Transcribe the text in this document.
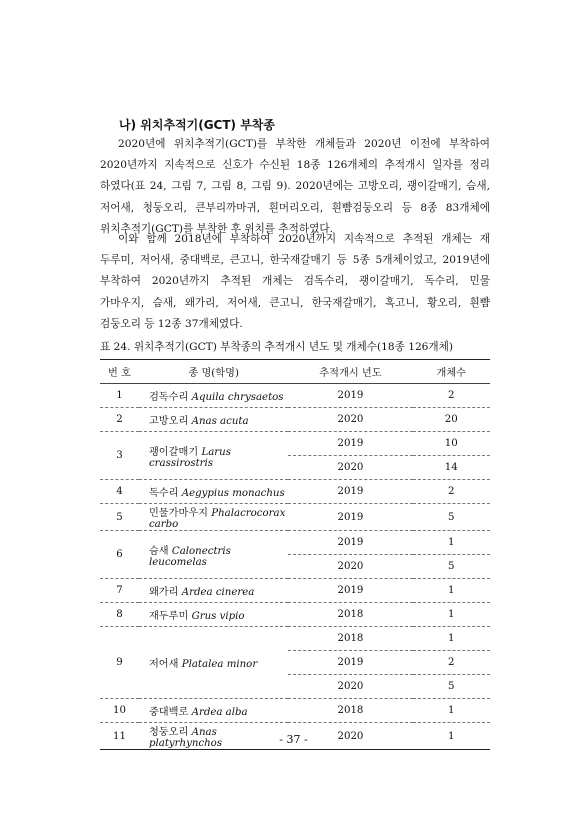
나) 위치추적기(GCT) 부착종

2020년에 위치추적기(GCT)를 부착한 개체들과 2020년 이전에 부착하여
2020년까지 지속적으로 신호가 수신된 18종 126개체의 추적개시 일자를 정리
하였다(표 24, 그림 7, 그림 8, 그림 9). 2020년에는 고방오리, 괭이갈매기, 슴새,
저어새, 청둥오리, 큰부리까마귀, 흰머리오리, 흰뺨검둥오리 등 8종 83개체에
위치추적기(GCT)를 부착한 후 위치를 추적하였다.

이와 함께 2018년에 부착하여 2020년까지 지속적으로 추적된 개체는 재
두루미, 저어새, 중대백로, 큰고니, 한국재갈매기 등 5종 5개체이었고, 2019년에
부착하여 2020년까지 추적된 개체는 검독수리, 괭이갈매기, 독수리, 민물
가마우지, 슴새, 왜가리, 저어새, 큰고니, 한국재갈매기, 혹고니, 황오리, 흰뺨
검둥오리 등 12종 37개체였다.

표 24. 위치추적기(GCT) 부착종의 추적개시 년도 및 개체수(18종 126개체)
번 호	종 명(학명)	추적개시 년도	개체수
1	검독수리 Aquila chrysaetos	2019	2
2	고방오리 Anas acuta	2020	20
3	괭이갈매기 Larus crassirostris	2019	10
		2020	14
4	독수리 Aegypius monachus	2019	2
5	민물가마우지 Phalacrocorax carbo	2019	5
6	슴새 Calonectris leucomelas	2019	1
		2020	5
7	왜가리 Ardea cinerea	2019	1
8	재두루미 Grus vipio	2018	1
9	저어새 Platalea minor	2018	1
		2019	2
		2020	5
10	중대백로 Ardea alba	2018	1
11	청둥오리 Anas platyrhynchos	2020	1
- 37 -
